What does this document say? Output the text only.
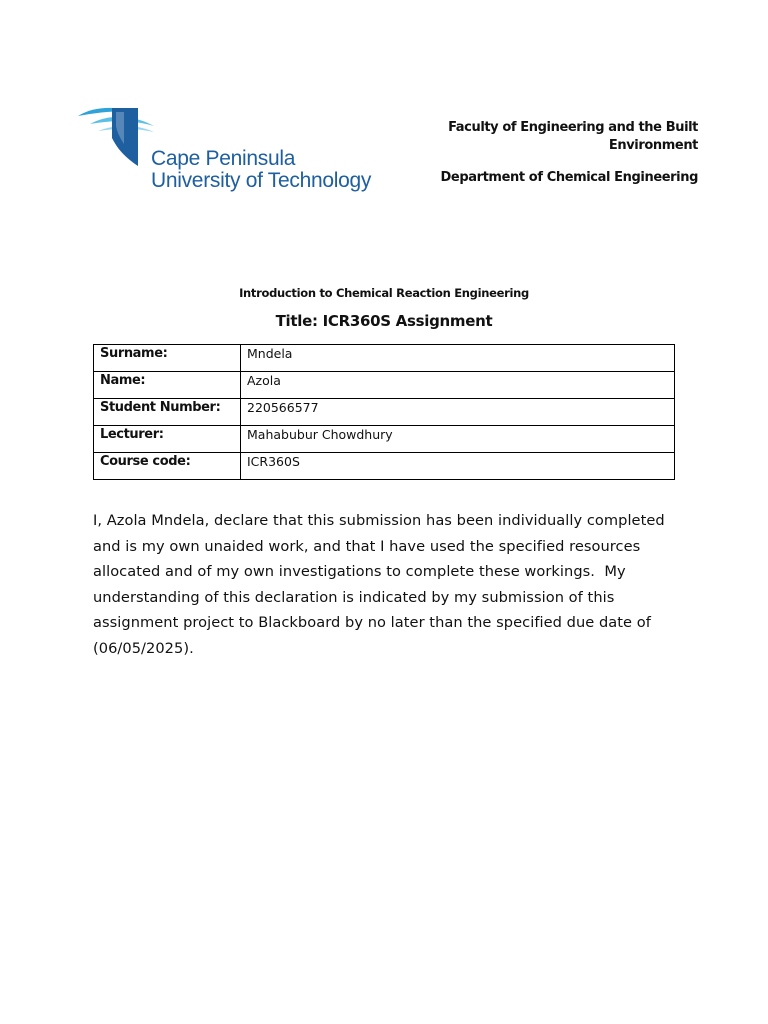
Cape Peninsula
University of Technology
Faculty of Engineering and the Built Environment
Department of Chemical Engineering
Introduction to Chemical Reaction Engineering
Title: ICR360S Assignment
Surname:	Mndela
Name:	Azola
Student Number:	220566577
Lecturer:	Mahabubur Chowdhury
Course code:	ICR360S
I, Azola Mndela, declare that this submission has been individually completed and is my own unaided work, and that I have used the specified resources allocated and of my own investigations to complete these workings.  My understanding of this declaration is indicated by my submission of this assignment project to Blackboard by no later than the specified due date of (06/05/2025).
